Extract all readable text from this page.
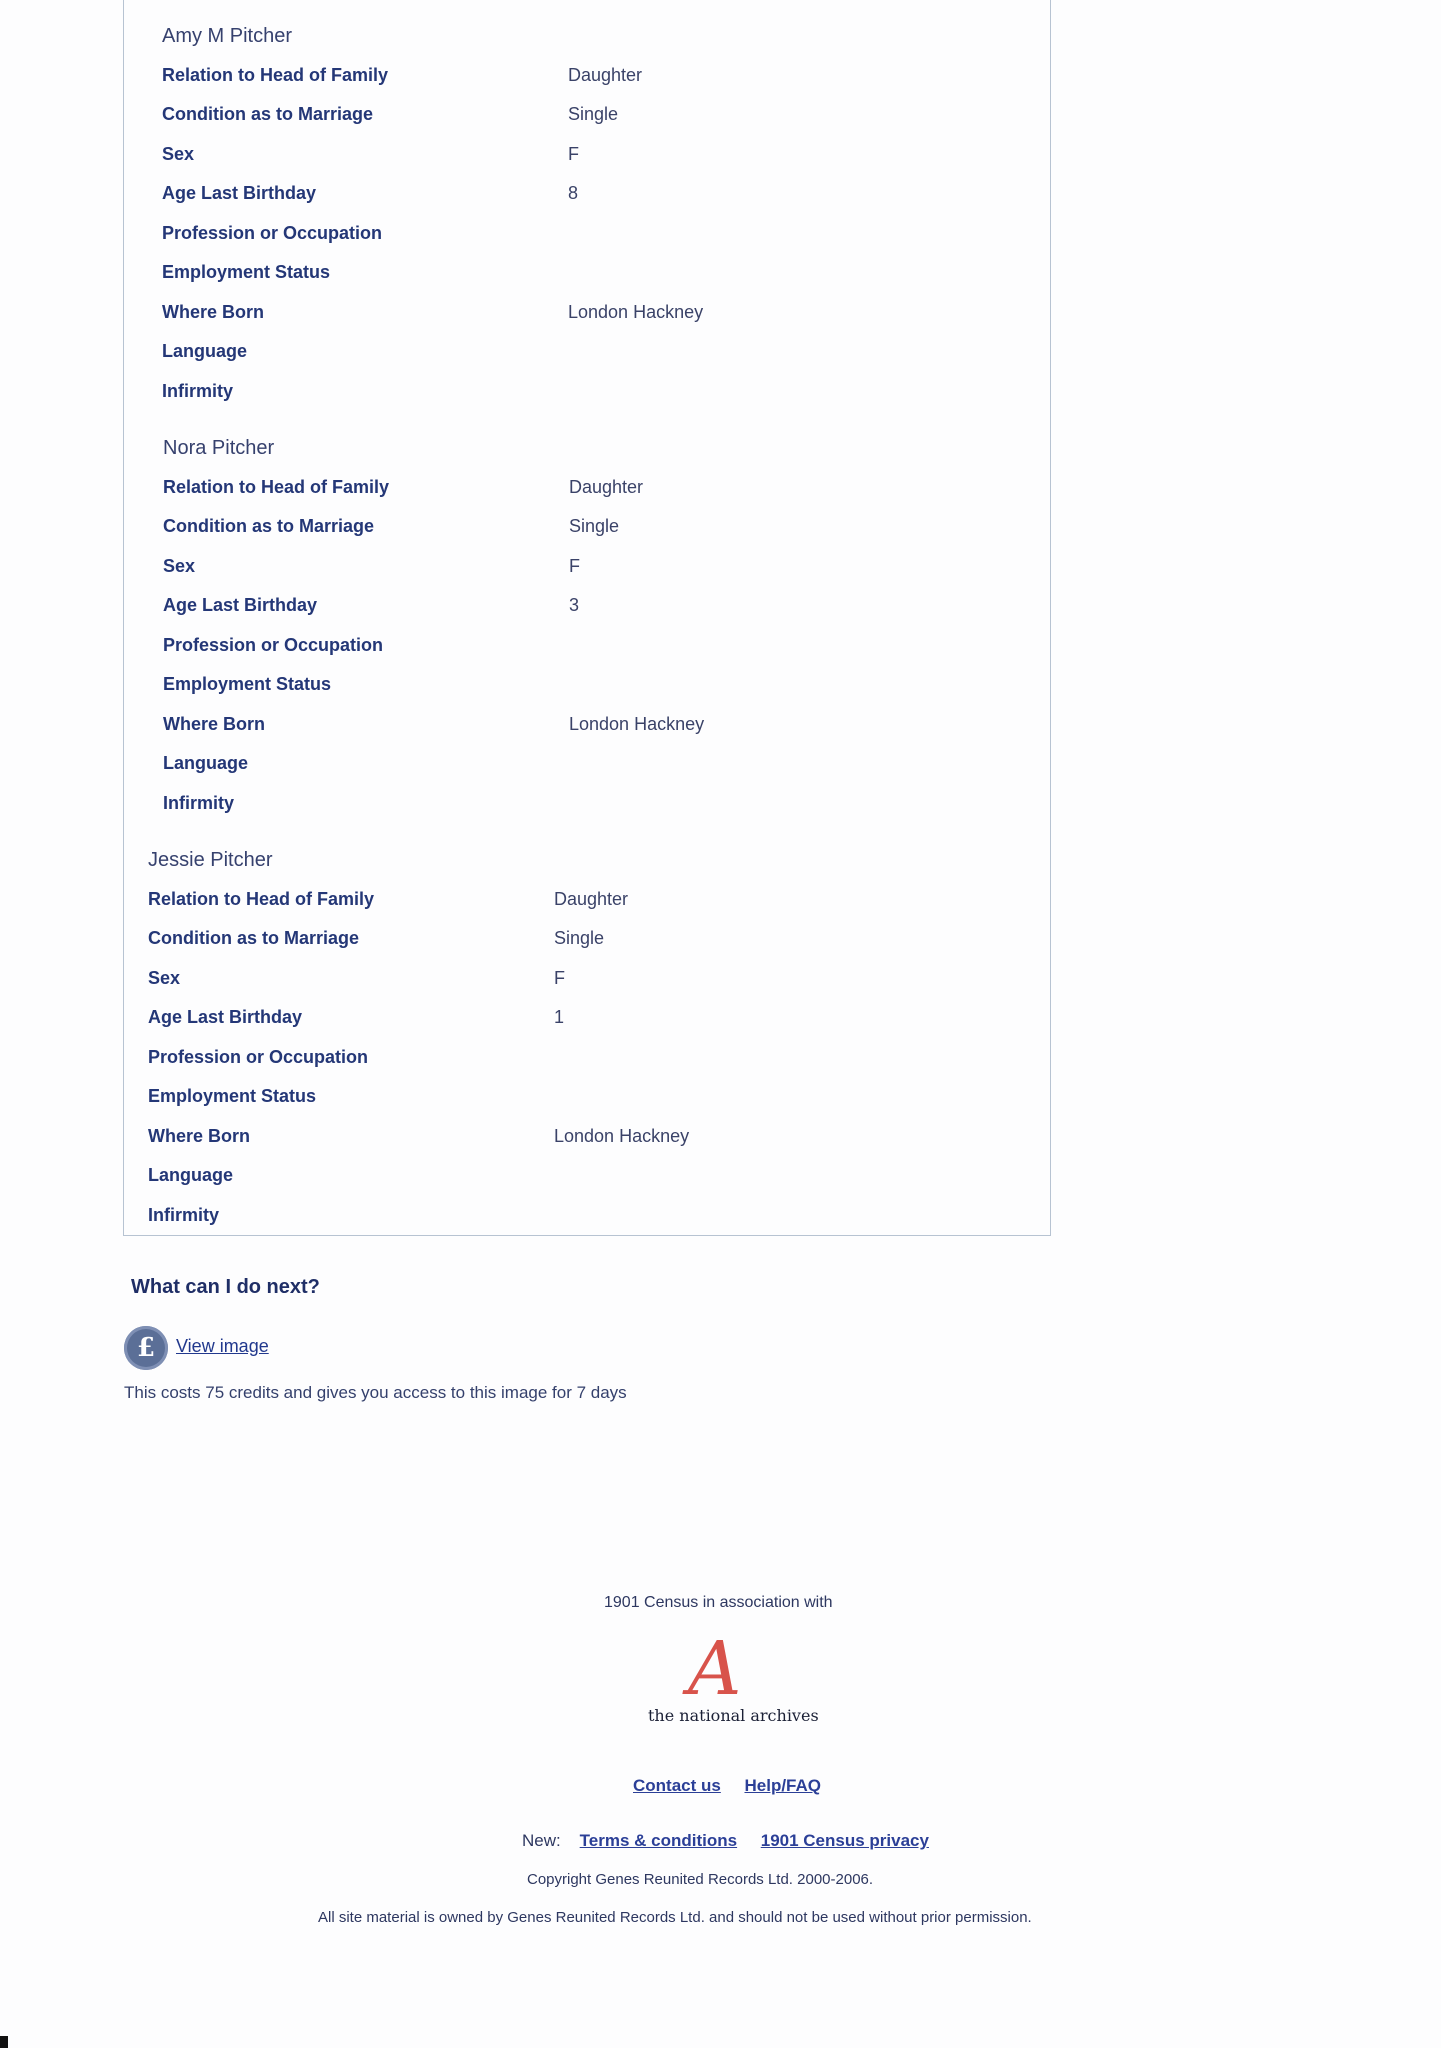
Amy M Pitcher
Relation to Head of Family	Daughter
Condition as to Marriage	Single
Sex	F
Age Last Birthday	8
Profession or Occupation
Employment Status
Where Born	London Hackney
Language
Infirmity
Nora Pitcher
Relation to Head of Family	Daughter
Condition as to Marriage	Single
Sex	F
Age Last Birthday	3
Profession or Occupation
Employment Status
Where Born	London Hackney
Language
Infirmity
Jessie Pitcher
Relation to Head of Family	Daughter
Condition as to Marriage	Single
Sex	F
Age Last Birthday	1
Profession or Occupation
Employment Status
Where Born	London Hackney
Language
Infirmity
What can I do next?
£	View image
This costs 75 credits and gives you access to this image for 7 days
1901 Census in association with
A
the national archives
Contact us Help/FAQ
New: Terms & conditions 1901 Census privacy
Copyright Genes Reunited Records Ltd. 2000-2006.
All site material is owned by Genes Reunited Records Ltd. and should not be used without prior permission.
